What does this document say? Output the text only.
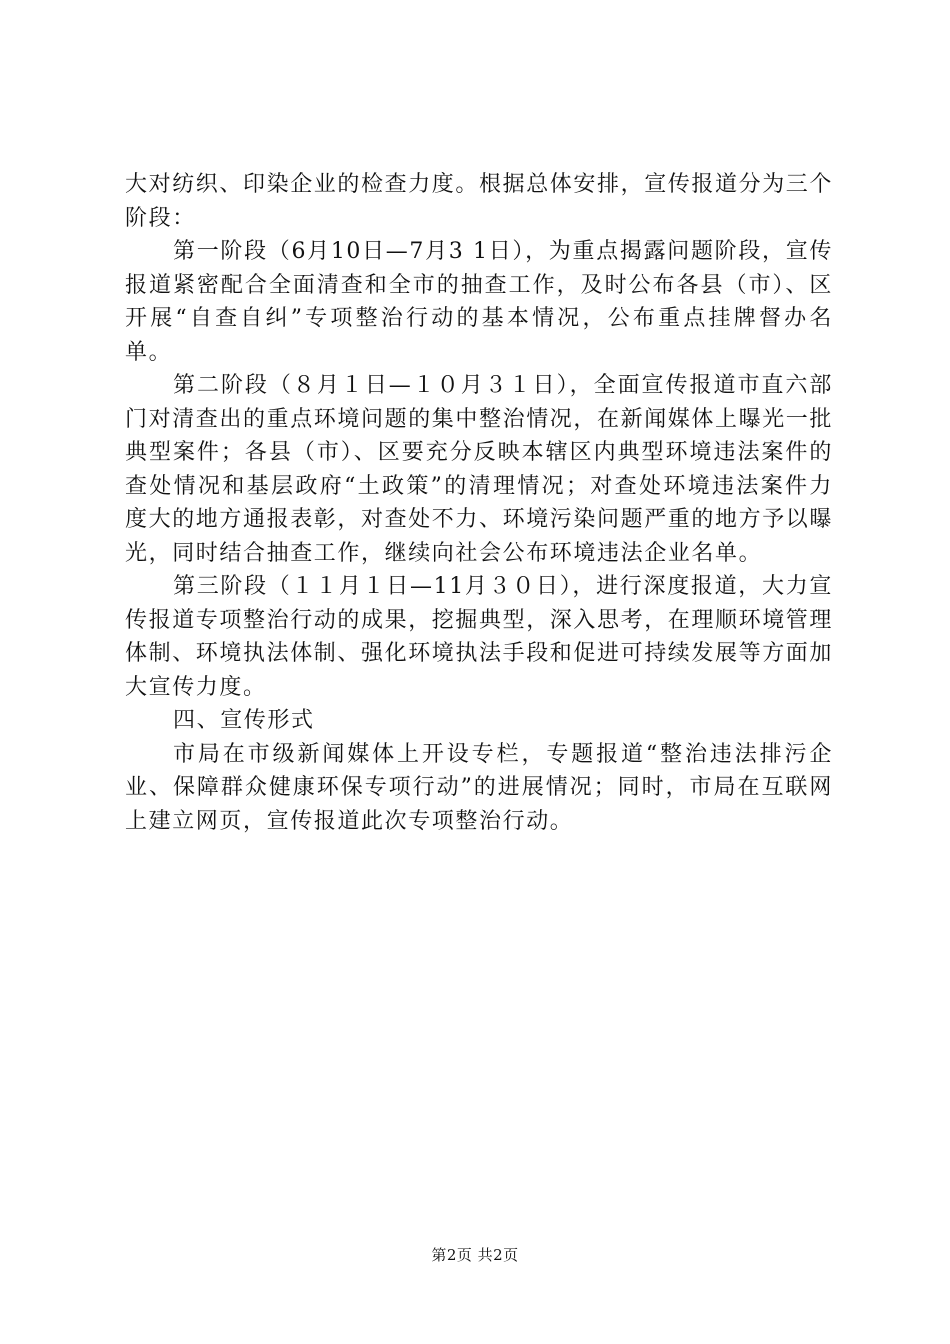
大对纺织、印染企业的检查力度。根据总体安排，宣传报道分为三个阶段：

第一阶段（6月10日—7月3 1日），为重点揭露问题阶段，宣传报道紧密配合全面清查和全市的抽查工作，及时公布各县（市）、区开展“自查自纠”专项整治行动的基本情况，公布重点挂牌督办名单。

第二阶段（８月１日—１０月３１日），全面宣传报道市直六部门对清查出的重点环境问题的集中整治情况，在新闻媒体上曝光一批典型案件；各县（市）、区要充分反映本辖区内典型环境违法案件的查处情况和基层政府“土政策”的清理情况；对查处环境违法案件力度大的地方通报表彰，对查处不力、环境污染问题严重的地方予以曝光，同时结合抽查工作，继续向社会公布环境违法企业名单。

第三阶段（１１月１日—11月３０日），进行深度报道，大力宣传报道专项整治行动的成果，挖掘典型，深入思考，在理顺环境管理体制、环境执法体制、强化环境执法手段和促进可持续发展等方面加大宣传力度。

四、宣传形式

市局在市级新闻媒体上开设专栏，专题报道“整治违法排污企业、保障群众健康环保专项行动”的进展情况；同时，市局在互联网上建立网页，宣传报道此次专项整治行动。

第2页 共2页
